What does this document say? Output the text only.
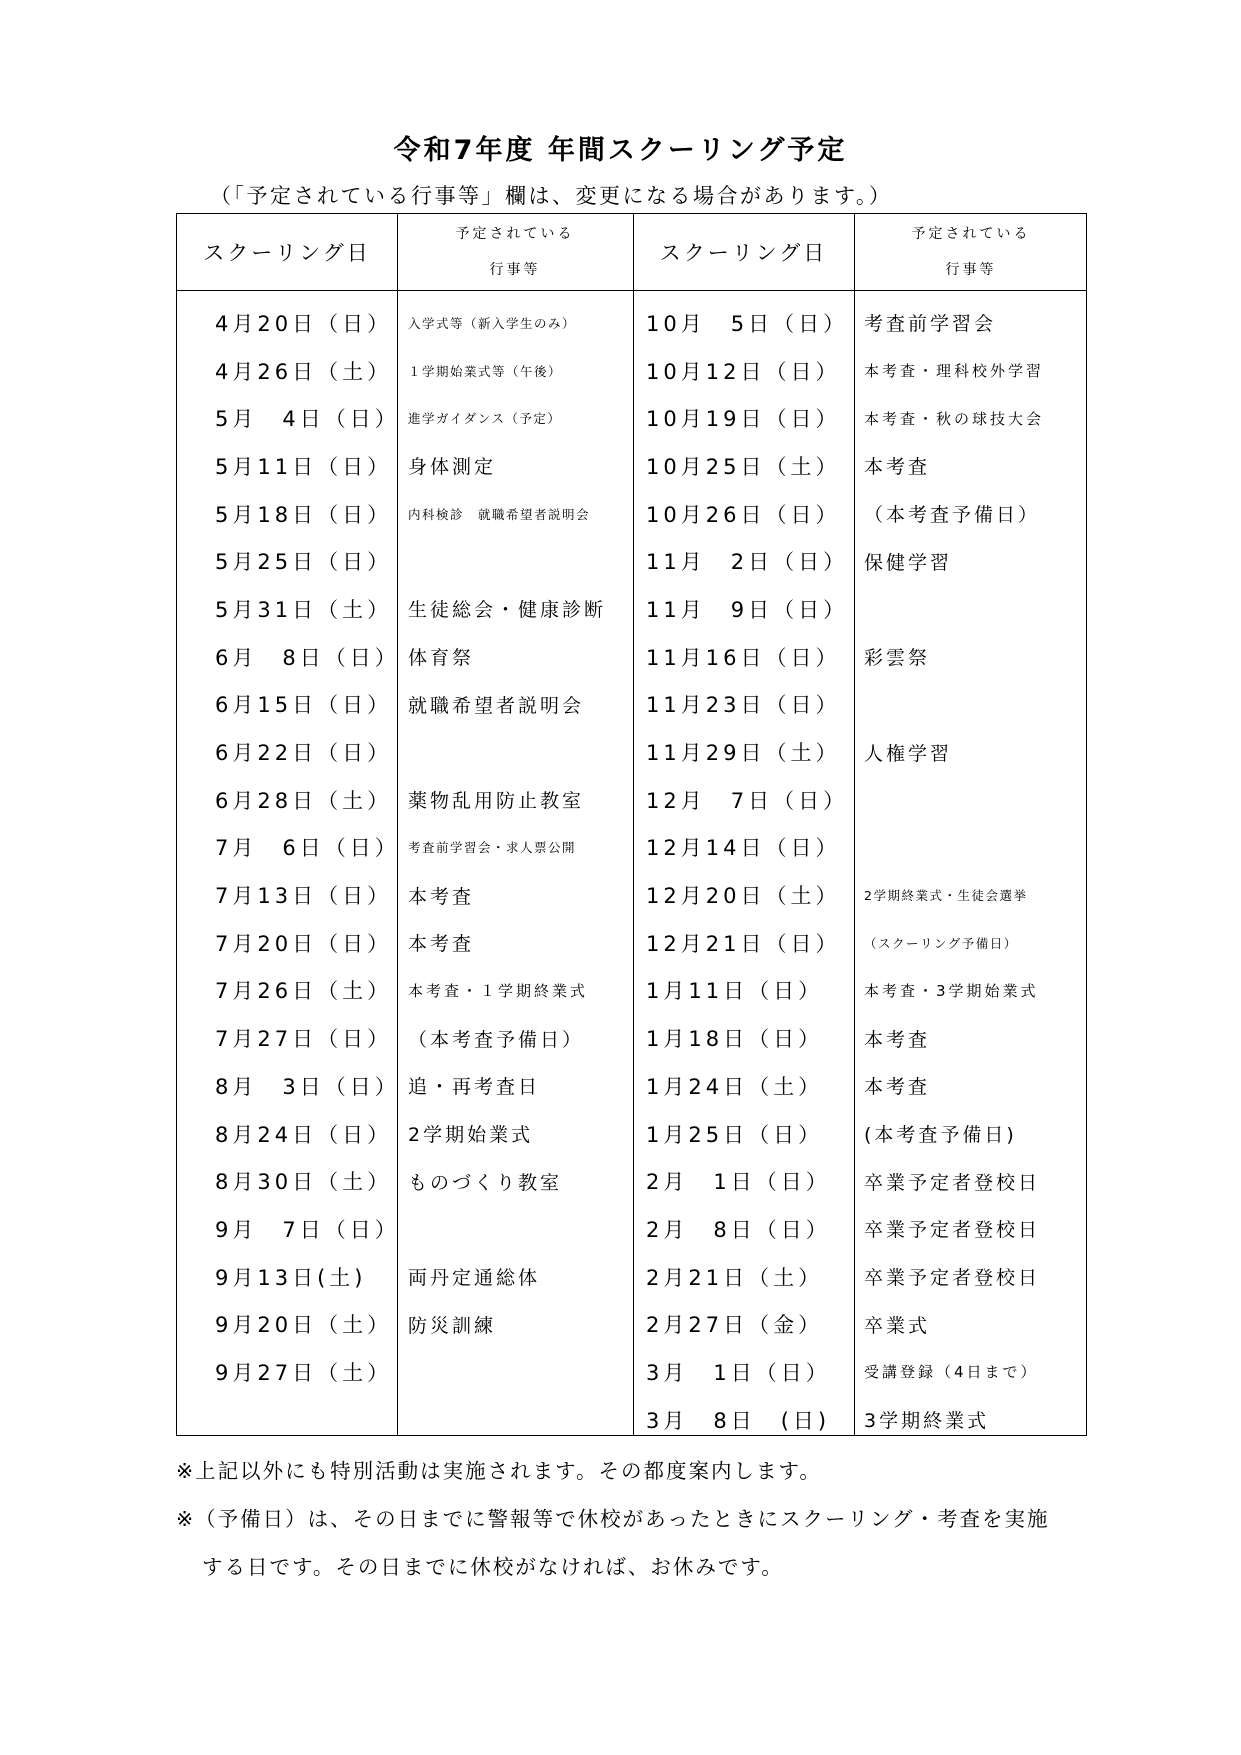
令和7年度 年間スクーリング予定
（「予定されている行事等」欄は、変更になる場合があります。）
スクーリング日
予定されている
行事等
スクーリング日
予定されている
行事等
4月20日（日） 入学式等（新入学生のみ）	10月　5日（日） 考査前学習会
4月26日（土） １学期始業式等（午後）	10月12日（日） 本考査・理科校外学習
5月　4日（日） 進学ガイダンス（予定）	10月19日（日） 本考査・秋の球技大会
5月11日（日） 身体測定	10月25日（土） 本考査
5月18日（日） 内科検診　就職希望者説明会	10月26日（日） （本考査予備日）
5月25日（日）	11月　2日（日） 保健学習
5月31日（土） 生徒総会・健康診断 11月　9日（日）
6月　8日（日） 体育祭	11月16日（日） 彩雲祭
6月15日（日） 就職希望者説明会	11月23日（日）
6月22日（日）	11月29日（土） 人権学習
6月28日（土） 薬物乱用防止教室	12月　7日（日）
7月　6日（日） 考査前学習会・求人票公開	12月14日（日）
7月13日（日） 本考査	12月20日（土） 2学期終業式・生徒会選挙
7月20日（日） 本考査	12月21日（日） （スクーリング予備日）
7月26日（土） 本考査・１学期終業式	1月11日（日）	本考査・3学期始業式
7月27日（日） （本考査予備日）	1月18日（日） 本考査
8月　3日（日） 追・再考査日	1月24日（土） 本考査
8月24日（日） 2学期始業式	1月25日（日） (本考査予備日)
8月30日（土） ものづくり教室	2月　1日（日） 卒業予定者登校日
9月　7日（日）	2月　8日（日） 卒業予定者登校日
9月13日(土) 両丹定通総体	2月21日（土） 卒業予定者登校日
9月20日（土） 防災訓練	2月27日（金） 卒業式
9月27日（土）	3月　1日（日） 受講登録（4日まで）
3月　8日　(日) 3学期終業式
※上記以外にも特別活動は実施されます。その都度案内します。
※（予備日）は、その日までに警報等で休校があったときにスクーリング・考査を実施
する日です。その日までに休校がなければ、お休みです。
